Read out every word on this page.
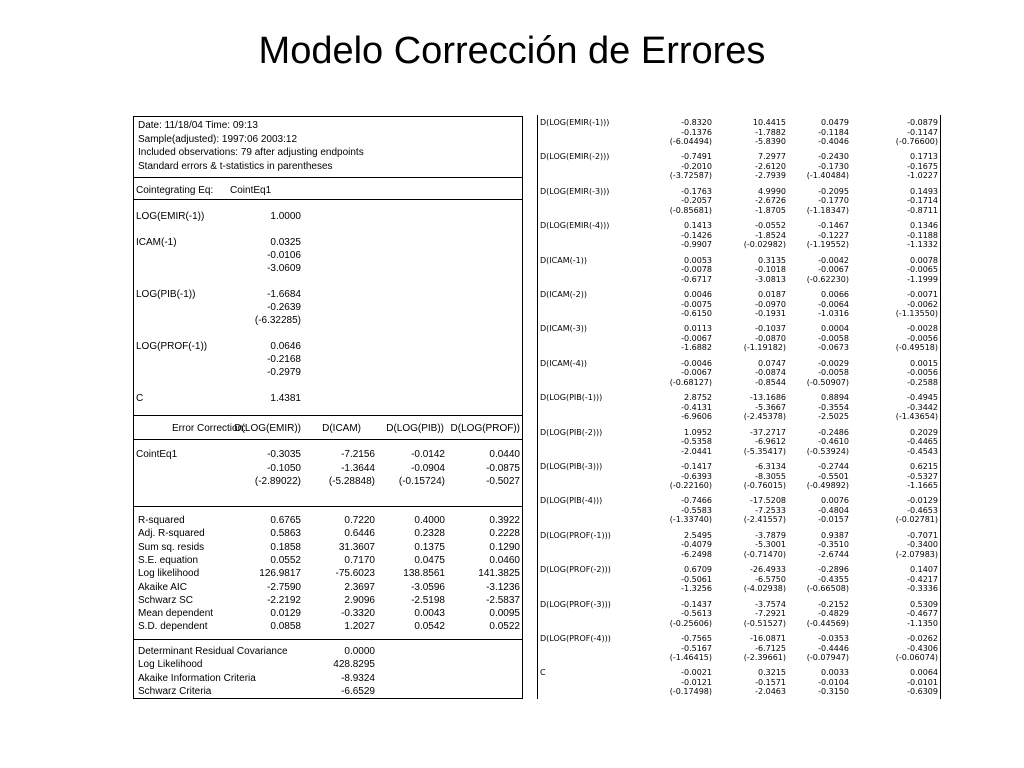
Modelo Corrección de Errores
Date: 11/18/04 Time: 09:13
Sample(adjusted): 1997:06 2003:12
Included observations: 79 after adjusting endpoints
Standard errors & t-statistics in parentheses
Cointegrating Eq: CointEq1
LOG(EMIR(-1))	1.0000
ICAM(-1)	0.0325
-0.0106
-3.0609
LOG(PIB(-1))	-1.6684
-0.2639
(-6.32285)
LOG(PROF(-1))	0.0646
-0.2168
-0.2979
C	1.4381
Error Correction:
D(LOG(EMIR))	D(ICAM)	D(LOG(PIB)) D(LOG(PROF))
CointEq1	-0.3035	-7.2156	-0.0142	0.0440
-0.1050	-1.3644	-0.0904	-0.0875
(-2.89022)	(-5.28848)	(-0.15724)	-0.5027
R-squared	0.6765	0.7220	0.4000	0.3922
Adj. R-squared	0.5863	0.6446	0.2328	0.2228
Sum sq. resids	0.1858	31.3607	0.1375	0.1290
S.E. equation	0.0552	0.7170	0.0475	0.0460
Log likelihood	126.9817	-75.6023	138.8561	141.3825
Akaike AIC	-2.7590	2.3697	-3.0596	-3.1236
Schwarz SC	-2.2192	2.9096	-2.5198	-2.5837
Mean dependent	0.0129	-0.3320	0.0043	0.0095
S.D. dependent	0.0858	1.2027	0.0542	0.0522
Determinant Residual Covariance	0.0000
Log Likelihood	428.8295
Akaike Information Criteria	-8.9324
Schwarz Criteria	-6.6529
D(LOG(EMIR(-1)))	-0.8320	10.4415	0.0479	-0.0879
-0.1376	-1.7882	-0.1184	-0.1147
(-6.04494)	-5.8390	-0.4046	(-0.76600)
D(LOG(EMIR(-2)))	-0.7491	7.2977	-0.2430	0.1713
-0.2010	-2.6120	-0.1730	-0.1675
(-3.72587)	-2.7939	(-1.40484)	-1.0227
D(LOG(EMIR(-3)))	-0.1763	4.9990	-0.2095	0.1493
-0.2057	-2.6726	-0.1770	-0.1714
(-0.85681)	-1.8705	(-1.18347)	-0.8711
D(LOG(EMIR(-4)))	0.1413	-0.0552	-0.1467	0.1346
-0.1426	-1.8524	-0.1227	-0.1188
-0.9907	(-0.02982)	(-1.19552)	-1.1332
D(ICAM(-1))	0.0053	0.3135	-0.0042	0.0078
-0.0078	-0.1018	-0.0067	-0.0065
-0.6717	-3.0813	(-0.62230)	-1.1999
D(ICAM(-2))	0.0046	0.0187	0.0066	-0.0071
-0.0075	-0.0970	-0.0064	-0.0062
-0.6150	-0.1931	-1.0316	(-1.13550)
D(ICAM(-3))	0.0113	-0.1037	0.0004	-0.0028
-0.0067	-0.0870	-0.0058	-0.0056
-1.6882	(-1.19182)	-0.0673	(-0.49518)
D(ICAM(-4))	-0.0046	0.0747	-0.0029	0.0015
-0.0067	-0.0874	-0.0058	-0.0056
(-0.68127)	-0.8544	(-0.50907)	-0.2588
D(LOG(PIB(-1)))	2.8752	-13.1686	0.8894	-0.4945
-0.4131	-5.3667	-0.3554	-0.3442
-6.9606	(-2.45378)	-2.5025	(-1.43654)
D(LOG(PIB(-2)))	1.0952	-37.2717	-0.2486	0.2029
-0.5358	-6.9612	-0.4610	-0.4465
-2.0441	(-5.35417)	(-0.53924)	-0.4543
D(LOG(PIB(-3)))	-0.1417	-6.3134	-0.2744	0.6215
-0.6393	-8.3055	-0.5501	-0.5327
(-0.22160)	(-0.76015)	(-0.49892)	-1.1665
D(LOG(PIB(-4)))	-0.7466	-17.5208	0.0076	-0.0129
-0.5583	-7.2533	-0.4804	-0.4653
(-1.33740)	(-2.41557)	-0.0157	(-0.02781)
D(LOG(PROF(-1)))	2.5495	-3.7879	0.9387	-0.7071
-0.4079	-5.3001	-0.3510	-0.3400
-6.2498	(-0.71470)	-2.6744	(-2.07983)
D(LOG(PROF(-2)))	0.6709	-26.4933	-0.2896	0.1407
-0.5061	-6.5750	-0.4355	-0.4217
-1.3256	(-4.02938)	(-0.66508)	-0.3336
D(LOG(PROF(-3)))	-0.1437	-3.7574	-0.2152	0.5309
-0.5613	-7.2921	-0.4829	-0.4677
(-0.25606)	(-0.51527)	(-0.44569)	-1.1350
D(LOG(PROF(-4)))	-0.7565	-16.0871	-0.0353	-0.0262
-0.5167	-6.7125	-0.4446	-0.4306
(-1.46415)	(-2.39661)	(-0.07947)	(-0.06074)
C	-0.0021	0.3215	0.0033	0.0064
-0.0121	-0.1571	-0.0104	-0.0101
(-0.17498)	-2.0463	-0.3150	-0.6309
